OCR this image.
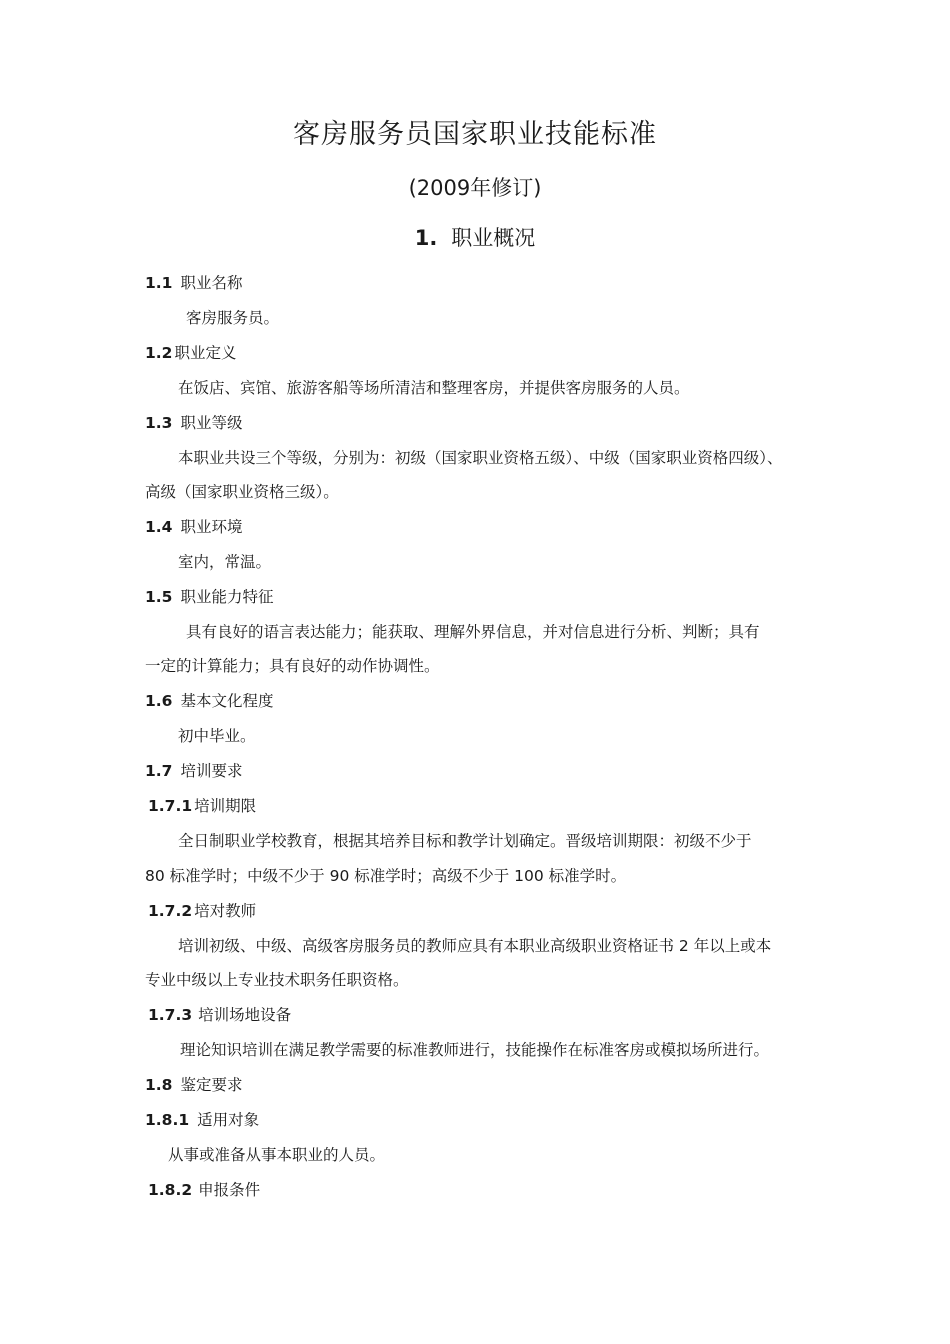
客房服务员国家职业技能标准
(2009年修订)
1. 职业概况
1.1 职业名称
客房服务员。
1.2 职业定义
在饭店、宾馆、旅游客船等场所清洁和整理客房，并提供客房服务的人员。
1.3 职业等级
本职业共设三个等级，分别为：初级（国家职业资格五级）、中级（国家职业资格四级）、
高级（国家职业资格三级）。
1.4 职业环境
室内，常温。
1.5 职业能力特征
具有良好的语言表达能力；能获取、理解外界信息，并对信息进行分析、判断；具有
一定的计算能力；具有良好的动作协调性。
1.6 基本文化程度
初中毕业。
1.7 培训要求
1.7.1 培训期限
全日制职业学校教育，根据其培养目标和教学计划确定。晋级培训期限：初级不少于
80 标准学时；中级不少于 90 标准学时；高级不少于 100 标准学时。
1.7.2 培对教师
培训初级、中级、高级客房服务员的教师应具有本职业高级职业资格证书 2 年以上或本
专业中级以上专业技术职务任职资格。
1.7.3 培训场地设备
理论知识培训在满足教学需要的标准教师进行，技能操作在标准客房或模拟场所进行。
1.8 鉴定要求
1.8.1 适用对象
从事或准备从事本职业的人员。
1.8.2 申报条件
